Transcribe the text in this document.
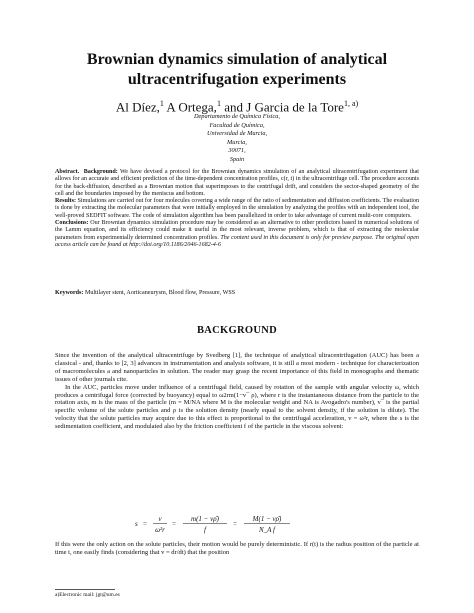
Brownian dynamics simulation of analytical
ultracentrifugation experiments
Al Díez,$^1$ A Ortega,$^1$ and J Garcia de la Tore$^{1, a)}$
Departamento de Química Física,
Facultad de Química,
Universidad de Murcia,
Murcia,
30071,
Spain

Abstract. Background: We have devised a protocol for the Brownian dynamics simulation of an analytical ultracentrifugation experiment that allows for an accurate and efficient prediction of the time-dependent concentration profiles, c(r, t) in the ultracentrifuge cell. The procedure accounts for the back-diffusion, described as a Brownian motion that superimposes to the centrifugal drift, and considers the sector-shaped geometry of the cell and the boundaries imposed by the meniscus and bottom.

Results: Simulations are carried out for four molecules covering a wide range of the ratio of sedimentation and diffusion coefficients. The evaluation is done by extracting the molecular parameters that were initially employed in the simulation by analyzing the profiles with an independent tool, the well-proved SEDFIT software. The code of simulation algorithm has been parallelized in order to take advantage of current multi-core computers.

Conclusions: Our Brownian dynamics simulation procedure may be considered as an alternative to other predictors based in numerical solutions of the Lamm equation, and its efficiency could make it useful in the most relevant, inverse problem, which is that of extracting the molecular parameters from experimentally determined concentration profiles. The content used in this document is only for preview purpose. The original open access article can be found at http://doi.org/10.1186/2046-1682-4-6

Keywords: Multilayer stent, Aorticaneurysm, Blood flow, Pressure, WSS
BACKGROUND

Since the invention of the analytical ultracentrifuge by Svedberg [1], the technique of analytical ultracentrifugation (AUC) has been a classical - and, thanks to [2, 3] advances in instrumentation and analysis software, it is still a most modern - technique for characterization of macromolecules a and nanoparticles in solution. The reader may grasp the recent importance of this field in monographs and thematic issues of other journals cite.

In the AUC, particles move under influence of a centrifugal field, caused by rotation of the sample with angular velocity ω, which produces a centrifugal force (corrected by buoyancy) equal to ω2rm(1−v¯ ρ), where r is the instantaneous distance from the particle to the rotation axis, m is the mass of the particle (m = M/NA where M is the molecular weight and NA is Avogadro's number), v¯ is the partial specific volume of the solute particles and ρ is the solution density (nearly equal to the solvent density, if the solution is dilute). The velocity that the solute particles may acquire due to this effect is proportional to the centrifugal acceleration, v = ω²r, where the s is the sedimentation coefficient, and modulated also by the friction coefficient f of the particle in the viscous solvent:

s =
v
ω²r
=
m(1 − νρ̄)
f
=
M(1 − νρ̄)
N_A f
If this were the only action on the solute particles, their motion would be purely deterministic. If r(t) is the radius position of the particle at time t, one easily finds (considering that v = dr/dt) that the position
a)Electronic mail: jgt@um.es
